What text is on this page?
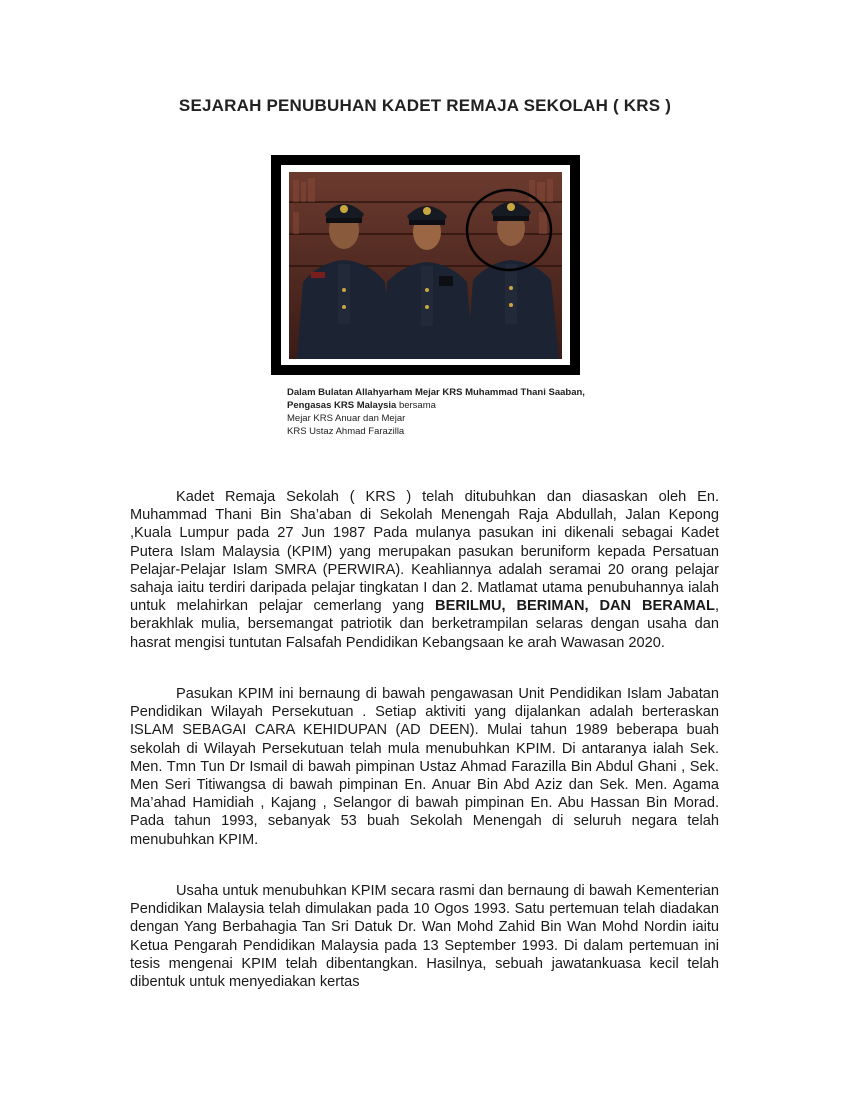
SEJARAH PENUBUHAN KADET REMAJA SEKOLAH ( KRS )
Dalam Bulatan Allahyarham Mejar KRS Muhammad Thani Saaban,
Pengasas KRS Malaysia bersama
Mejar KRS Anuar dan Mejar
KRS Ustaz Ahmad Farazilla

Kadet Remaja Sekolah ( KRS ) telah ditubuhkan dan diasaskan oleh En. Muhammad Thani Bin Sha’aban di Sekolah Menengah Raja Abdullah, Jalan Kepong ,Kuala Lumpur pada 27 Jun 1987 Pada mulanya pasukan ini dikenali sebagai Kadet Putera Islam Malaysia (KPIM) yang merupakan pasukan beruniform kepada Persatuan Pelajar-Pelajar Islam SMRA (PERWIRA). Keahliannya adalah seramai 20 orang pelajar sahaja iaitu terdiri daripada pelajar tingkatan I dan 2. Matlamat utama penubuhannya ialah untuk melahirkan pelajar cemerlang yang BERILMU, BERIMAN, DAN BERAMAL, berakhlak mulia, bersemangat patriotik dan berketrampilan selaras dengan usaha dan hasrat mengisi tuntutan Falsafah Pendidikan Kebangsaan ke arah Wawasan 2020.

Pasukan KPIM ini bernaung di bawah pengawasan Unit Pendidikan Islam Jabatan Pendidikan Wilayah Persekutuan . Setiap aktiviti yang dijalankan adalah berteraskan ISLAM SEBAGAI CARA KEHIDUPAN (AD DEEN). Mulai tahun 1989 beberapa buah sekolah di Wilayah Persekutuan telah mula menubuhkan KPIM. Di antaranya ialah Sek. Men. Tmn Tun Dr Ismail di bawah pimpinan Ustaz Ahmad Farazilla Bin Abdul Ghani , Sek. Men Seri Titiwangsa di bawah pimpinan En. Anuar Bin Abd Aziz dan Sek. Men. Agama Ma’ahad Hamidiah , Kajang , Selangor di bawah pimpinan En. Abu Hassan Bin Morad. Pada tahun 1993, sebanyak 53 buah Sekolah Menengah di seluruh negara telah menubuhkan KPIM.

Usaha untuk menubuhkan KPIM secara rasmi dan bernaung di bawah Kementerian Pendidikan Malaysia telah dimulakan pada 10 Ogos 1993. Satu pertemuan telah diadakan dengan Yang Berbahagia Tan Sri Datuk Dr. Wan Mohd Zahid Bin Wan Mohd Nordin iaitu Ketua Pengarah Pendidikan Malaysia pada 13 September 1993. Di dalam pertemuan ini tesis mengenai KPIM telah dibentangkan. Hasilnya, sebuah jawatankuasa kecil telah dibentuk untuk menyediakan kertas
